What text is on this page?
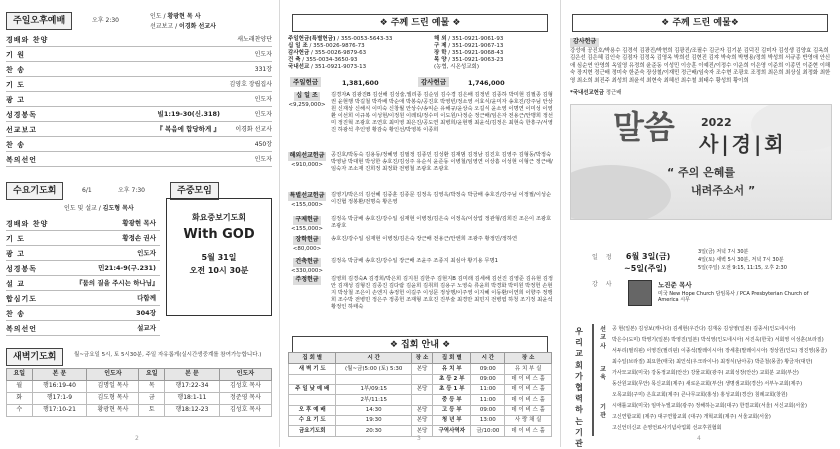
주일오후예배	오후 2:30
인도 / 황광현 목 사
선교보고 / 이경화 선교사
경배와 찬양	새노래찬양단
기 원	인도자
찬 송	331장
기 도	김영호 장립집사
광 고	인도자
성경봉독	빌1:19-30(신.318)	인도자
선교보고	『 복음에 합당하게 』	이경화 선교사
찬 송	450장
복의선언	인도자
수요기도회	6/1	오후 7:30
인도 및 설교 / 김도형 목사
경배와 찬양	황광현 목사
기 도	황정손 권사
광 고	인도자
성경봉독	민21:4-9(구.231)
설 교	『뭄의 질을 주시는 하나님』
합심기도	다함께
찬 송	304장
복의선언	설교자
주중모임
화요중보기도회
With GOD
5월 31일
오전 10시 30분
새벽기도회	월~금요일 5시, 토 5시30분, 주일 자유롭게(실시간생중계를 참여가능합니다.)
요일	본 문	인도자	요일	본 문	인도자
월	행16:19-40	김명일 목사	목	행17:22-34	김성호 목사
화	행17:1-9	김도형 목사	금	행18:1-11	정준영 목사
수	행17:10-21	황광현 목사	토	행18:12-23	김성호 목사
2
❖ 주께 드린 예물 ❖
주일헌금(특별헌금) / 355-0053-5643-33
십 일 조 / 355-0026-9876-73
감사헌금 / 355-0026-9879-63
건 축 / 355-0034-3650-93
국내선교 / 351-0921-9073-13
해 외 / 351-0921-9061-93
구 제 / 351-0921-9067-13
장 학 / 351-0921-9068-43
목 양 / 351-0921-9063-23
(농협, 시온성교회)
주일헌금	1,381,600	감사헌금	1,746,000
십 일 조
<9,259,000>
김경자A 김광진B 김선해 김성술,엘리종 김순임 김수경 김은배 김정빈 김종하 박미현 김필종 김형권 윤현행 박길철 박각배 박순애 박봉숙/공진호 박영빈/정소영 서효식/윤미자 송호진/강주님 안상원 신재상 신해식 이미숙 신창월 안상수/송익순 유해규/윤상숙 오길식 윤소영 이명연 이미성 이영환 이선희 이규복 이성현/이정원 이레티/정수미 이도원/나정순 정근배/임은자 전용근/안맹희 정선미 정진혁 조광호 조연호 최미영 최은진/공도연 최병희/윤현행 최윤석/김정은 최현숙 한흥구/서영진 하광석 추인영 황감숙 황인선/박영복 이종희
해외선교헌금
<910,000>
공진호/박동숙 김용동/정혜영 김필정 김종민 김성환 김재범 김정남 김진호 김영주 김형동/박정숙 박영남 박대현 박성한 송호진/김성주 유순식 윤준동 이병철/임영연 이상흠 이성현 이형근 정근배/임숙자 조소재 진희정 최정화 전병철 조광호 조광호
특별선교헌금
<155,000>
김영기/박은의 김선혜 김중훈 김종문 김정옥 김영옥/박정숙 박금배 송호진/강주님 이정필/이성순 이진협 정봉환/전명숙 황은영
구제헌금
<155,000>
김정옥 박금배 송호진/강수일 심재현 이병정/김은숙 이정옥/이상업 정관형/김희진 조은이 조광호 조광호
장학헌금
<80,000>
송호진/강수일 심재현 이병정/김은숙 장근배 전용근/안엔희 조광주 황정민/정하연
건축헌금
<330,000>
김정옥 박금배 송호진/강수일 장근배 조윤주 조종지 최심아 황기용 무명1
주정헌금	김영희 김경숙A 김경희/박은희 김지원 김한주 김현지B 김미래 김세해 김선진 김영준 김유현 김정안 김재성 김형진 김종진 김다람 김윤희 김취희 김용구 노영숙 류윤희 박경화 박미원 박정헌 손현지 박상철 조은이 손엔지 송정헌 이길주 이성문 정상행/이주영 이지혜 이동환/이연희 이향주 정맹희 조수박 전병민 정은주 정종헌 조재형 조호진 진부술 최경만 최민지 전병엽 하청 조기정 최윤석 황정인 하태숙
❖ 집회 안내 ❖
집 회 별	시 간	장 소	집 회 별	시 간	장 소
새 벽 기 도	(월~금)5:00 (토) 5:30	본당	유 치 부	09:00	유 치 부 실
			초 등 2 부	09:00	데 이 비 스 홀
주 일 낮 예 배	1부/09:15	본당	초 등 1 부	11:00	데 이 비 스 홀
	2부/11:15		중 등 부	11:00	데 이 비 스 홀
오 후 예 배	14:30	본당	고 등 부	09:00	데 이 비 스 홀
수 요 기 도	19:30	본당	청 년 부	13:00	사 랑 채 실
금요기도회	20:30	본당	구역사역자	금/10:00	데 이 비 스 홀
3
❖ 주께 드린 예물❖
감사헌금
강성애 공진호/박용수 김경석 김광진/박현희 김광진/조필수 김군자 김기분 김덕진 김미자 김성생 김양효 김옥희 김은선 김은혜 김인숙 김점자 김정옥 김영옥 박희선 김현진 김쟈 박숙희 박병용/정희 박성희 서규종 반영애 안신애 심순연 안영희 옥일영 유정희 윤준동 이성민 이승훈 이예진/이정수 이운희 이은영 이준희 이종민 이준현 이해숙 장지현 정근배 정미숙 한준숙 장상철/이재민 정근배/임숙자 조수현 조광호 조정희 최은희 최상실 최정화 최한영 최소희 최진주 최성희 최윤석 최현숙 최혜선 최수철 최태수 황성희 황이희
*국내선교헌금 정근배
말씀 2022
사|경|회
“ 주의 은혜를
내려주소서 ”
일 정 6월 3일(금)
~5일(주일)
3일(금) 저녁 7시 30분
4일(토) 새벽 5시 30분, 저녁 7시 30분
5일(주일) 오전 9:15, 11:15, 오후 2:30
강 사	노진준 목사
미국 New Hope Church 담임목사 / PCA Presbyterian Church of America 시무
우리교회가협력하는기관
선교사
교육
기 관
공 현(일본) 김성보(캐나다) 김세현(우간다) 김재웅 김성영(일본) 김종서(인도네시아)
박은수(도미) 박영기(일본) 박영진(일본) 박석영(인도네시아) 서진욱(한국) 서회영 이성훈(브라질)
서두리(필리핀) 이영진(필리핀) 이종석(말레이시아) 장세훈(말레이시아) 정상원(인도) 정진영(몽골)
최수일(브라질) 최요한(태국) 최인석(우크라이나) 최정식(남아공) 박준철(몽골) 황금자(대만)
가사모교회(미국) 강동정교회(안산) 강물교회(광주) 교회성장(안산) 교회분 교회(부산)
동산원교회(무안) 목신교회(제주) 새로운교회(부산) 생명샘교회(경산) 서부누교회(제주)
오목교회(구미) 은효교회(제주) 큰나무교회(홍성) 홍성교회(경산) 침례교회(창원)
시애틀교회(미국) 임마누엘교회(광주) 정해하는교회(대구) 한결교회(서울) 서신교회(서울)
고신연합교회 (제주) 대구연합교회 (대구) 개혁교회(제주) 서울교회(서울)
고신언더신교 손영언료사기념사업회 선교후원협회
4
